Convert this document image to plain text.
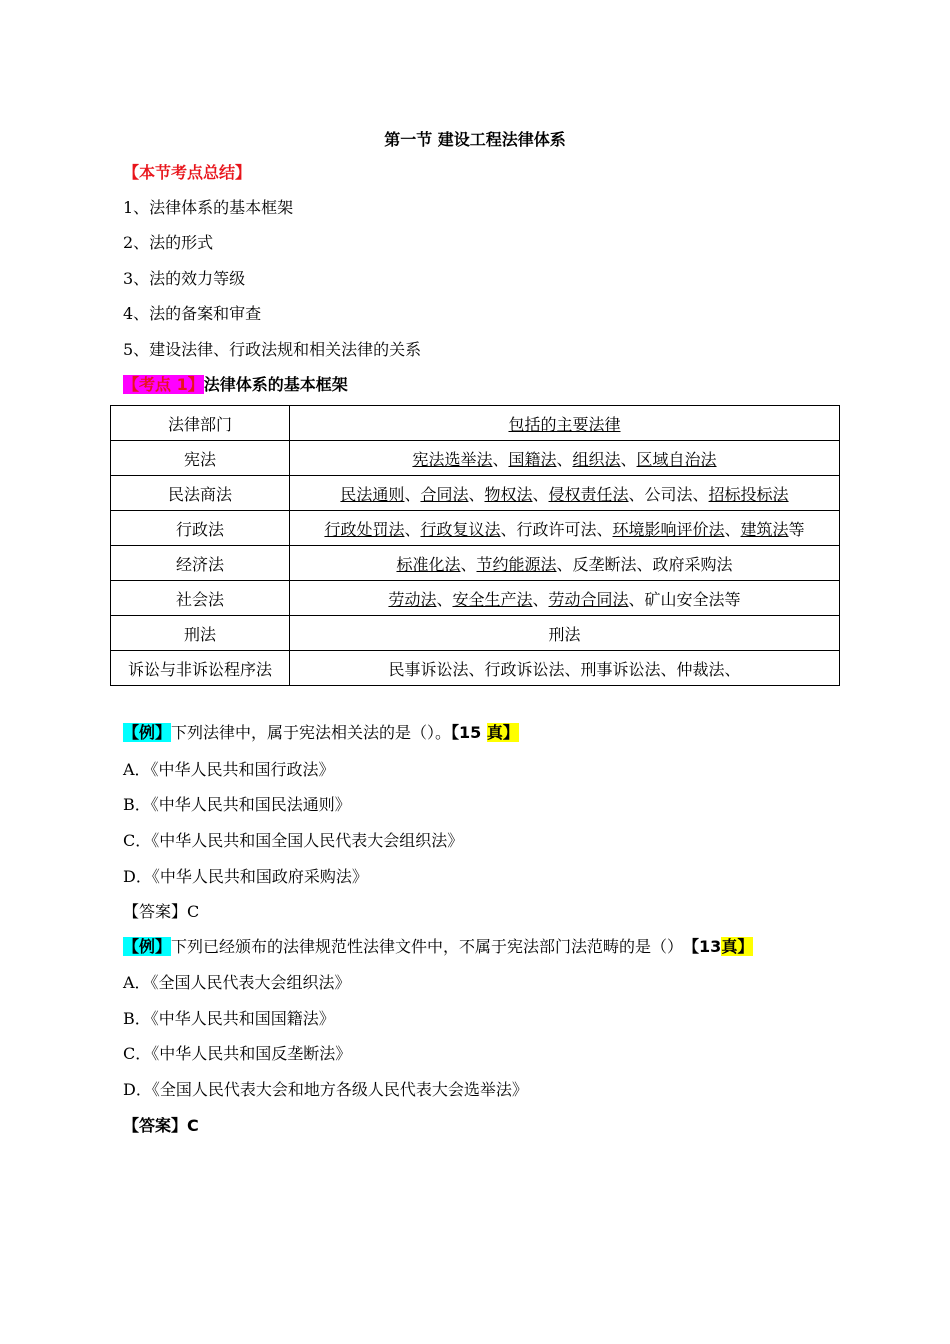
第一节 建设工程法律体系
【本节考点总结】
1、法律体系的基本框架
2、法的形式
3、法的效力等级
4、法的备案和审查
5、建设法律、行政法规和相关法律的关系
【考点 1】法律体系的基本框架
法律部门	包括的主要法律
宪法	宪法选举法、国籍法、组织法、区域自治法
民法商法	民法通则、合同法、物权法、侵权责任法、公司法、招标投标法
行政法	行政处罚法、行政复议法、行政许可法、环境影响评价法、建筑法等
经济法	标准化法、节约能源法、反垄断法、政府采购法
社会法	劳动法、安全生产法、劳动合同法、矿山安全法等
刑法	刑法
诉讼与非诉讼程序法	民事诉讼法、行政诉讼法、刑事诉讼法、仲裁法、
【例】下列法律中，属于宪法相关法的是（）。【15 真】
A．《中华人民共和国行政法》
B．《中华人民共和国民法通则》
C．《中华人民共和国全国人民代表大会组织法》
D．《中华人民共和国政府采购法》
【答案】C
【例】下列已经颁布的法律规范性法律文件中，不属于宪法部门法范畴的是（） 【13真】
A．《全国人民代表大会组织法》
B．《中华人民共和国国籍法》
C．《中华人民共和国反垄断法》
D．《全国人民代表大会和地方各级人民代表大会选举法》
【答案】C
